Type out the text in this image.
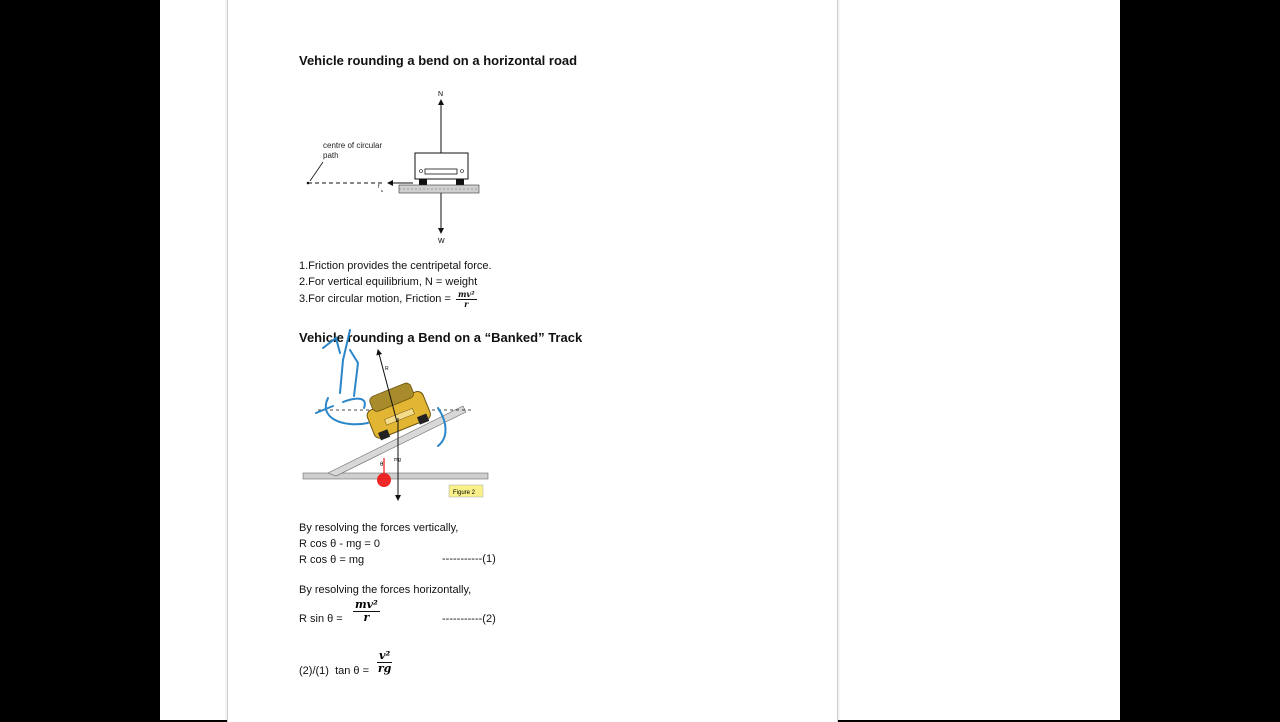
Vehicle rounding a bend on a horizontal road
N
W
f
s
centre of circular
path
1.Friction provides the centripetal force.
2.For vertical equilibrium, N = weight
3.For circular motion, Friction = $\frac{\text{mv²}}{r}$
Vehicle rounding a Bend on a “Banked” Track
R
mg
θ
Figure 2
By resolving the forces vertically,
R cos θ - mg = 0
R cos θ = mg	-----------(1)
By resolving the forces horizontally,
R $\sin \theta = \frac{\text{mv²}}{r}$	-----------(2)
(2)/(1) $\tan \theta = \frac{\text{v²}}{rg}$
